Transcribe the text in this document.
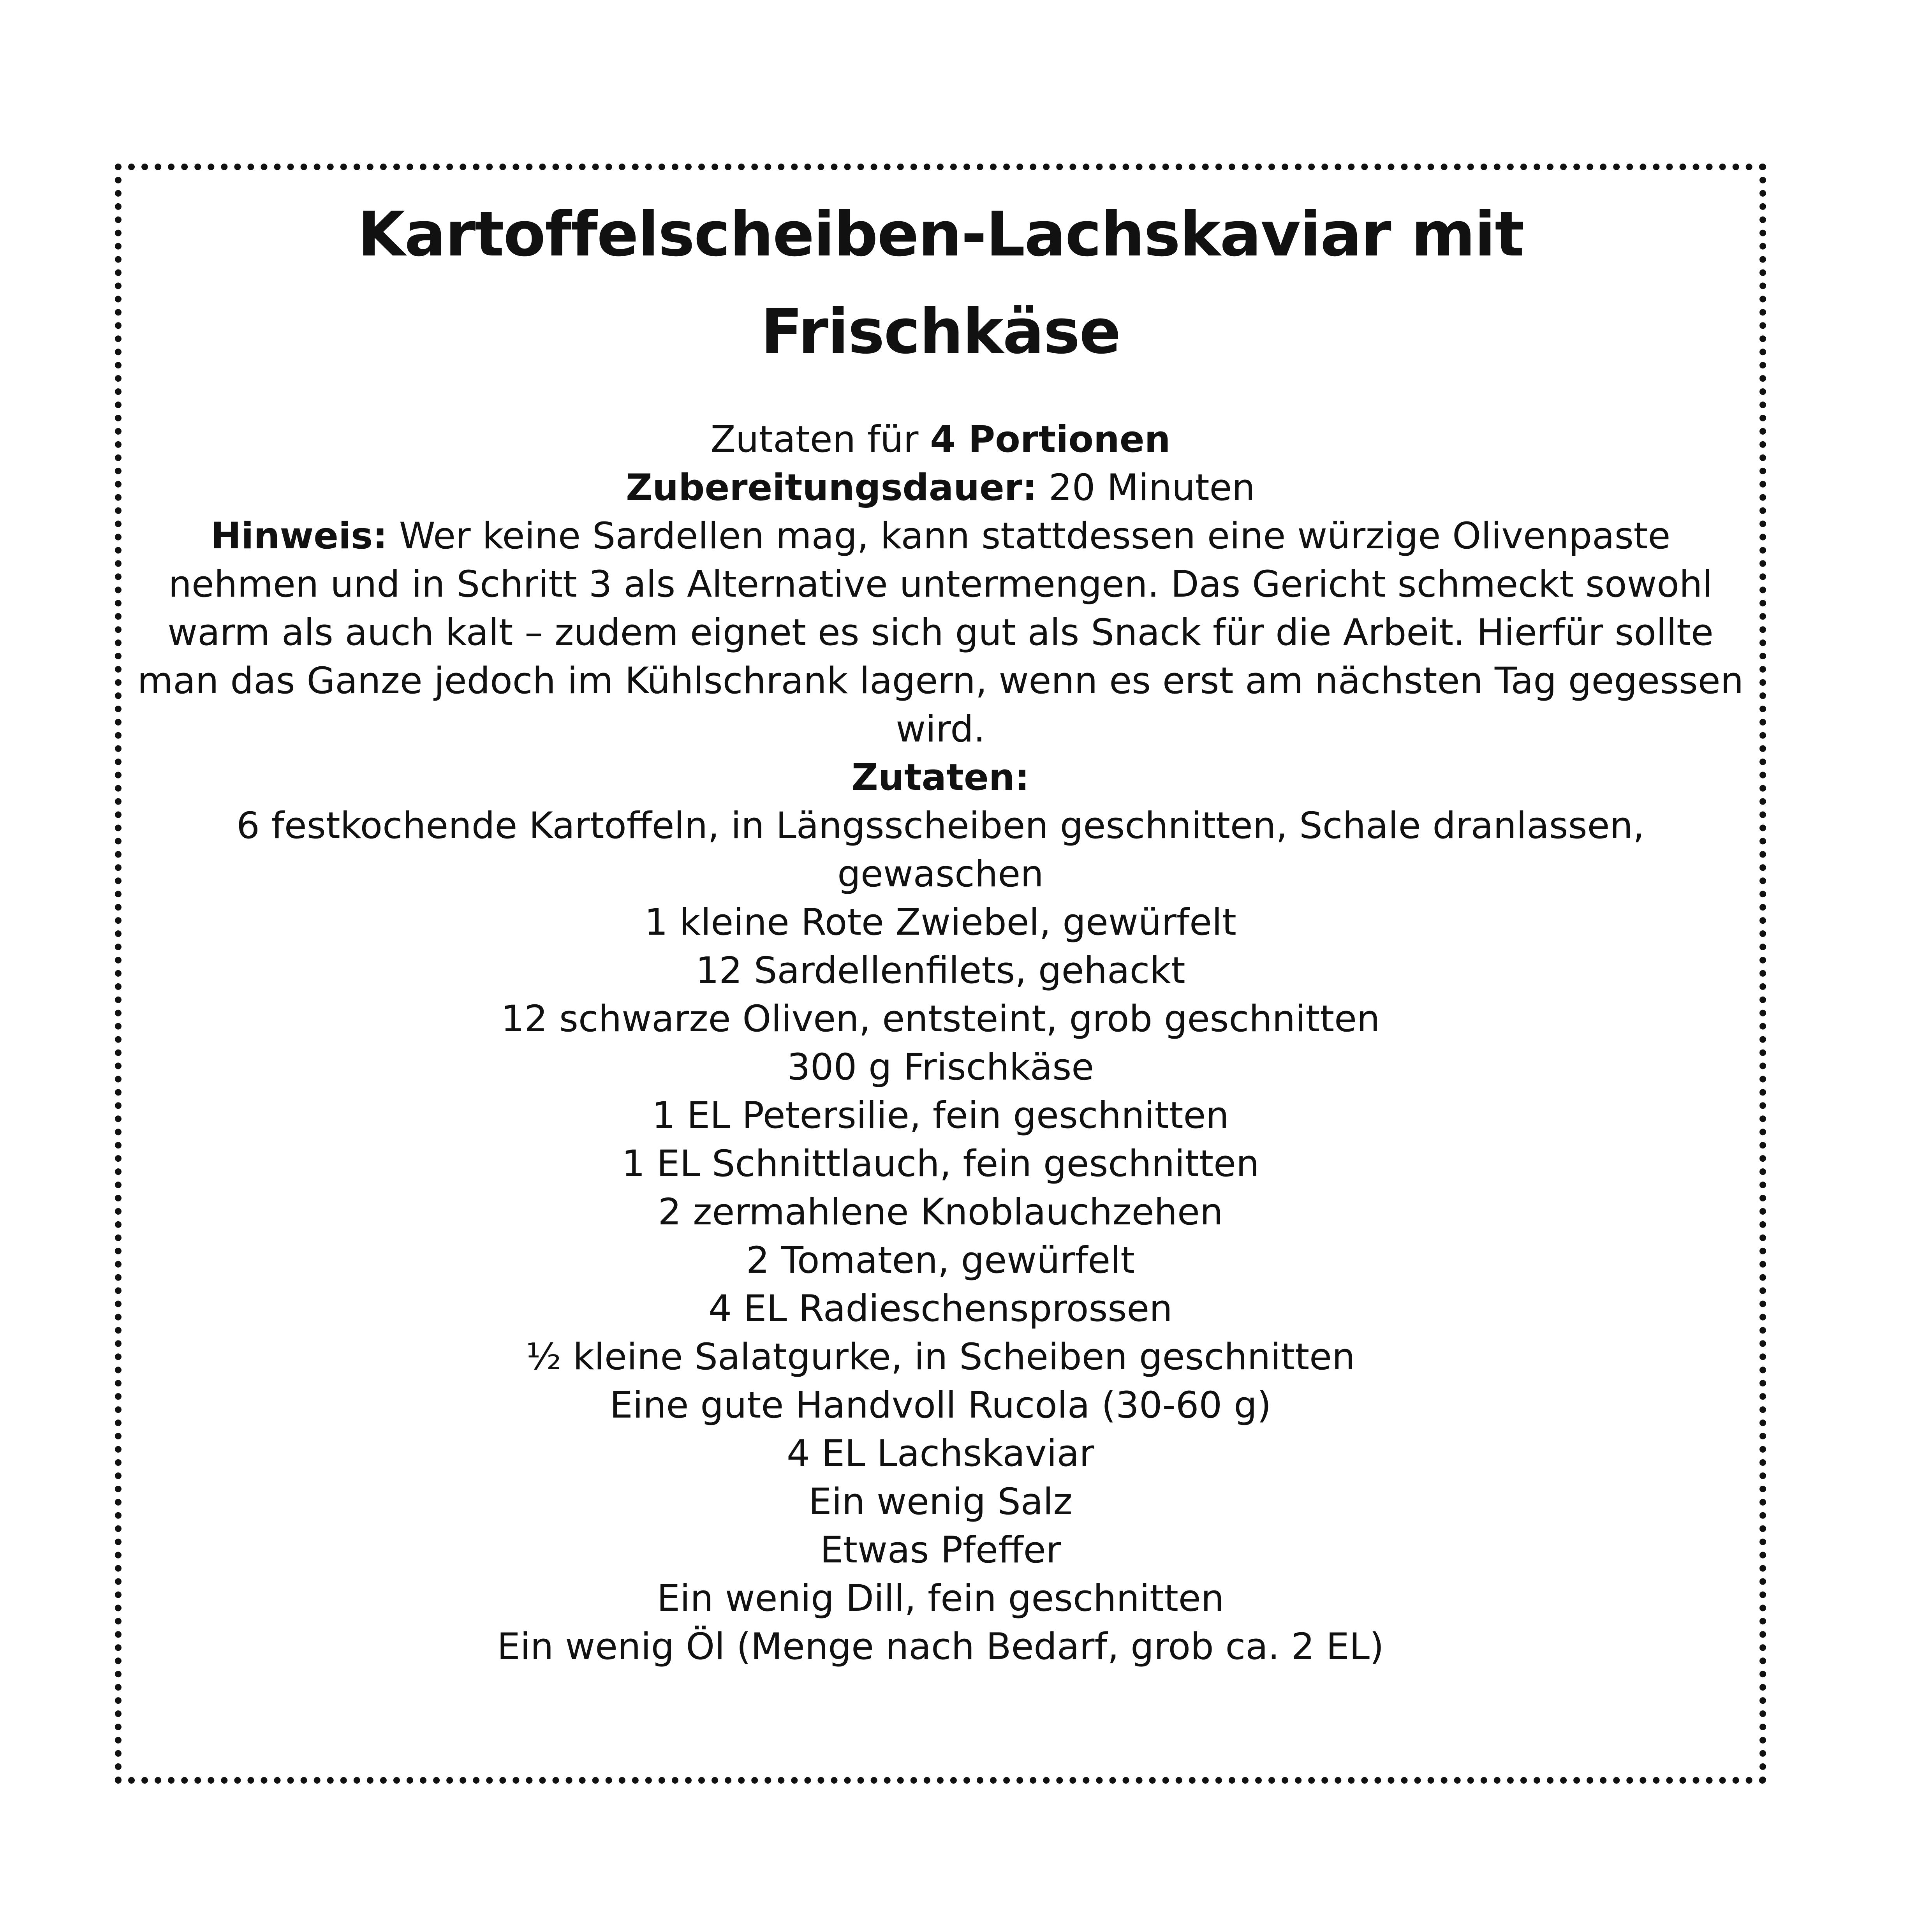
Kartoffelscheiben-Lachskaviar mit
Frischkäse

Zutaten für 4 Portionen

Zubereitungsdauer: 20 Minuten

Hinweis: Wer keine Sardellen mag, kann stattdessen eine würzige Olivenpaste nehmen und in Schritt 3 als Alternative untermengen. Das Gericht schmeckt sowohl warm als auch kalt – zudem eignet es sich gut als Snack für die Arbeit. Hierfür sollte man das Ganze jedoch im Kühlschrank lagern, wenn es erst am nächsten Tag gegessen wird.

Zutaten:

6 festkochende Kartoffeln, in Längsscheiben geschnitten, Schale dranlassen, gewaschen
1 kleine Rote Zwiebel, gewürfelt
12 Sardellenfilets, gehackt
12 schwarze Oliven, entsteint, grob geschnitten
300 g Frischkäse
1 EL Petersilie, fein geschnitten
1 EL Schnittlauch, fein geschnitten
2 zermahlene Knoblauchzehen
2 Tomaten, gewürfelt
4 EL Radieschensprossen
½ kleine Salatgurke, in Scheiben geschnitten
Eine gute Handvoll Rucola (30-60 g)
4 EL Lachskaviar
Ein wenig Salz
Etwas Pfeffer
Ein wenig Dill, fein geschnitten
Ein wenig Öl (Menge nach Bedarf, grob ca. 2 EL)
